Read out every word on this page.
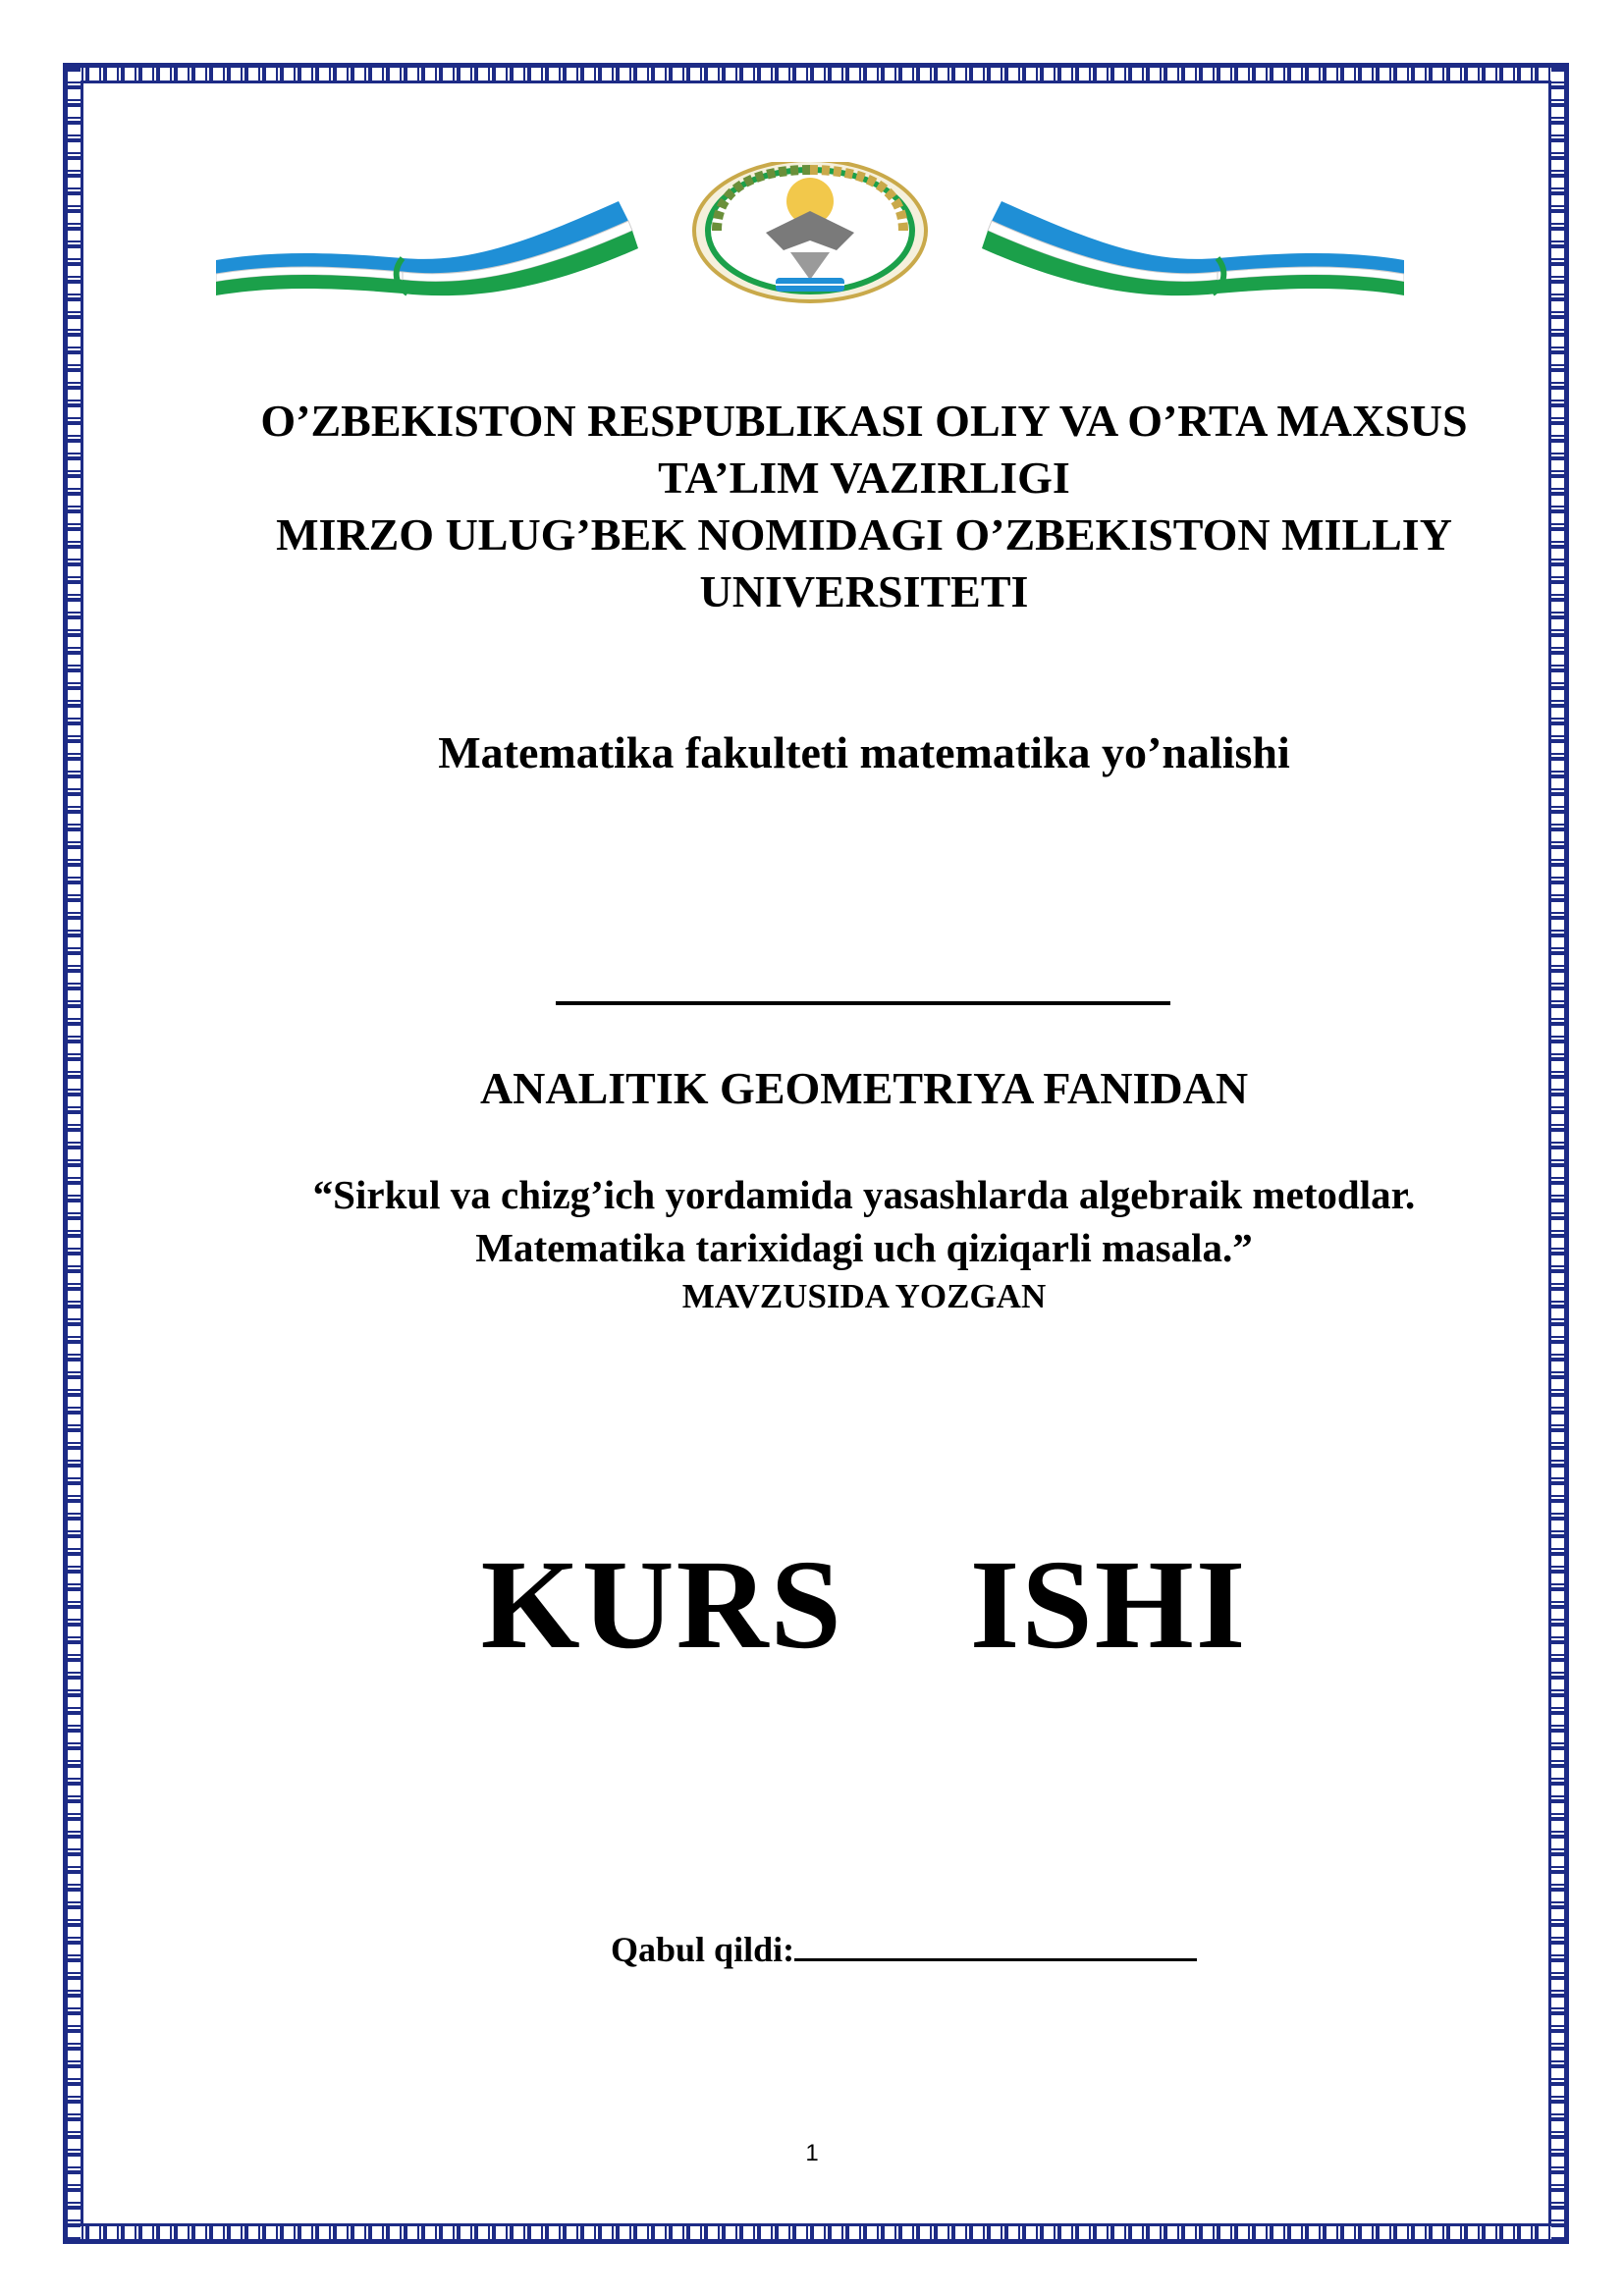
O’ZBEKISTON RESPUBLIKASI OLIY VA O’RTA MAXSUS
TA’LIM VAZIRLIGI
MIRZO ULUG’BEK NOMIDAGI O’ZBEKISTON MILLIY
UNIVERSITETI
Matematika fakulteti matematika yo’nalishi
ANALITIK GEOMETRIYA FANIDAN
“Sirkul va chizg’ich yordamida yasashlarda algebraik metodlar.
Matematika tarixidagi uch qiziqarli masala.”
MAVZUSIDA YOZGAN
KURS  ISHI
Qabul qildi:
1
